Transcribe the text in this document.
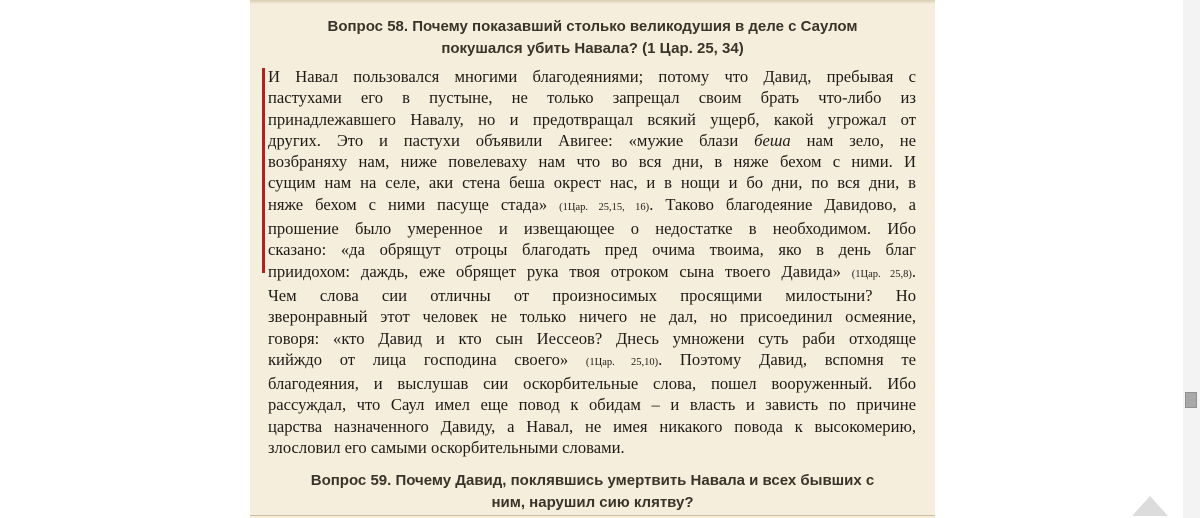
Вопрос 58. Почему показавший столько великодушия в деле с Саулом
покушался убить Навала? (1 Цар. 25, 34)
И Навал пользовался многими благодеяниями; потому что Давид, пребывая с
пастухами его в пустыне, не только запрещал своим брать что-либо из
принадлежавшего Навалу, но и предотвращал всякий ущерб, какой угрожал от
других. Это и пастухи объявили Авигее: «мужие блази беша нам зело, не
возбраняху нам, ниже повелеваху нам что во вся дни, в няже бехом с ними. И
сущим нам на селе, аки стена беша окрест нас, и в нощи и бо дни, по вся дни, в
няже бехом с ними пасуще стада» (1Цар. 25,15, 16). Таково благодеяние Давидово, а
прошение было умеренное и извещающее о недостатке в необходимом. Ибо
сказано: «да обрящут отроцы благодать пред очима твоима, яко в день благ
приидохом: даждь, еже обрящет рука твоя отроком сына твоего Давида» (1Цар. 25,8).
Чем слова сии отличны от произносимых просящими милостыни? Но
зверонравный этот человек не только ничего не дал, но присоединил осмеяние,
говоря: «кто Давид и кто сын Иессеов? Днесь умножени суть раби отходяще
кийждо от лица господина своего» (1Цар. 25,10). Поэтому Давид, вспомня те
благодеяния, и выслушав сии оскорбительные слова, пошел вооруженный. Ибо
рассуждал, что Саул имел еще повод к обидам – и власть и зависть по причине
царства назначенного Давиду, а Навал, не имея никакого повода к высокомерию,
злословил его самыми оскорбительными словами.
Вопрос 59. Почему Давид, поклявшись умертвить Навала и всех бывших с
ним, нарушил сию клятву?
